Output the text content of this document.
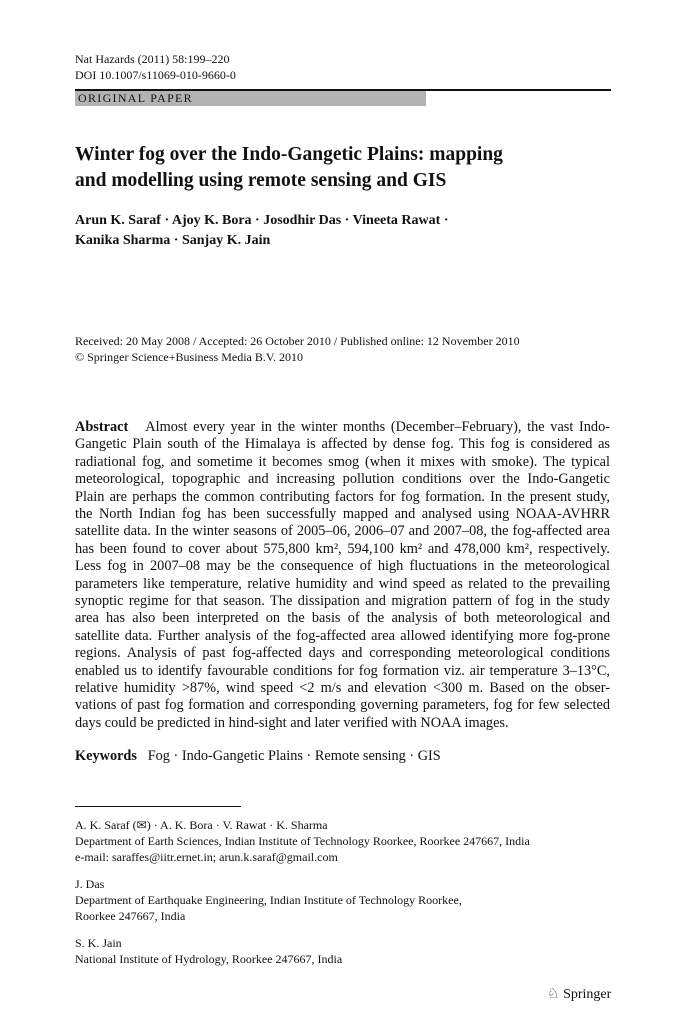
Nat Hazards (2011) 58:199–220
DOI 10.1007/s11069-010-9660-0
ORIGINAL PAPER
Winter fog over the Indo-Gangetic Plains: mapping
and modelling using remote sensing and GIS
Arun K. Saraf · Ajoy K. Bora · Josodhir Das · Vineeta Rawat ·
Kanika Sharma · Sanjay K. Jain
Received: 20 May 2008 / Accepted: 26 October 2010 / Published online: 12 November 2010
© Springer Science+Business Media B.V. 2010
Abstract Almost every year in the winter months (December–February), the vast Indo-
Gangetic Plain south of the Himalaya is affected by dense fog. This fog is considered as
radiational fog, and sometime it becomes smog (when it mixes with smoke). The typical
meteorological, topographic and increasing pollution conditions over the Indo-Gangetic
Plain are perhaps the common contributing factors for fog formation. In the present study,
the North Indian fog has been successfully mapped and analysed using NOAA-AVHRR
satellite data. In the winter seasons of 2005–06, 2006–07 and 2007–08, the fog-affected area
has been found to cover about 575,800 km², 594,100 km² and 478,000 km², respectively.
Less fog in 2007–08 may be the consequence of high fluctuations in the meteorological
parameters like temperature, relative humidity and wind speed as related to the prevailing
synoptic regime for that season. The dissipation and migration pattern of fog in the study
area has also been interpreted on the basis of the analysis of both meteorological and
satellite data. Further analysis of the fog-affected area allowed identifying more fog-prone
regions. Analysis of past fog-affected days and corresponding meteorological conditions
enabled us to identify favourable conditions for fog formation viz. air temperature 3–13°C,
relative humidity >87%, wind speed <2 m/s and elevation <300 m. Based on the obser-
vations of past fog formation and corresponding governing parameters, fog for few selected
days could be predicted in hind-sight and later verified with NOAA images.
Keywords Fog · Indo-Gangetic Plains · Remote sensing · GIS
A. K. Saraf (✉) · A. K. Bora · V. Rawat · K. Sharma
Department of Earth Sciences, Indian Institute of Technology Roorkee, Roorkee 247667, India
e-mail: saraffes@iitr.ernet.in; arun.k.saraf@gmail.com
J. Das
Department of Earthquake Engineering, Indian Institute of Technology Roorkee,
Roorkee 247667, India
S. K. Jain
National Institute of Hydrology, Roorkee 247667, India
♘ Springer
